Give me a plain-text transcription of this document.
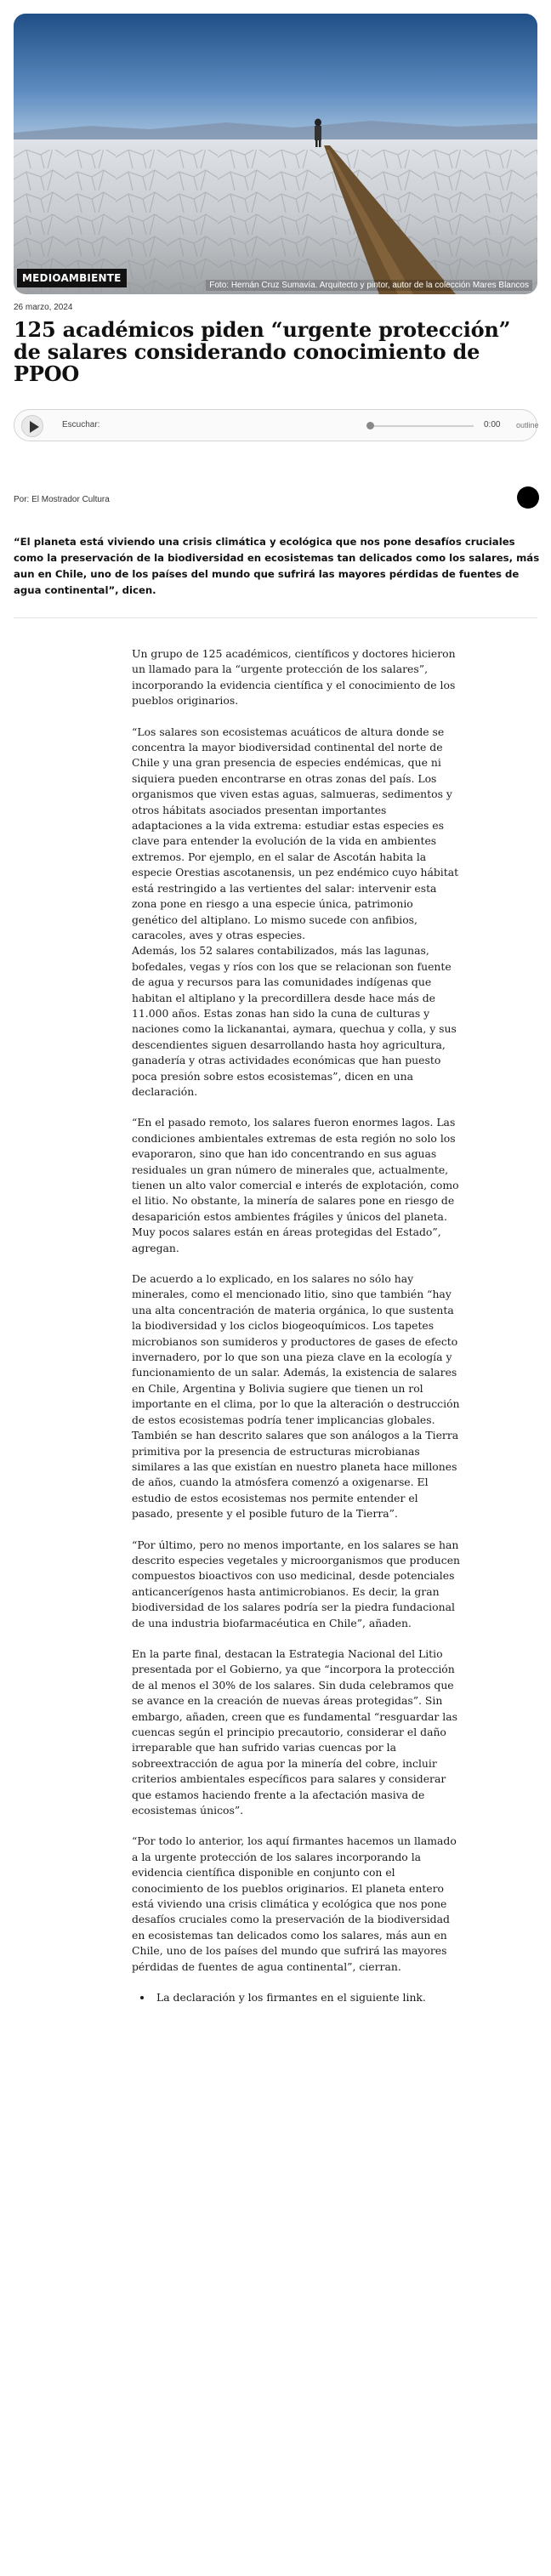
MEDIOAMBIENTE
Foto: Hernán Cruz Sumavía. Arquitecto y pintor, autor de la colección Mares Blancos
26 marzo, 2024
125 académicos piden “urgente protección” de salares considerando conocimiento de PPOO
Escuchar:	0:00 outline
Por: El Mostrador Cultura

“El planeta está viviendo una crisis climática y ecológica que nos pone desafíos cruciales como la preservación de la biodiversidad en ecosistemas tan delicados como los salares, más aun en Chile, uno de los países del mundo que sufrirá las mayores pérdidas de fuentes de agua continental”, dicen.

Un grupo de 125 académicos, científicos y doctores hicieron un llamado para la “urgente protección de los salares”, incorporando la evidencia científica y el conocimiento de los pueblos originarios.

“Los salares son ecosistemas acuáticos de altura donde se concentra la mayor biodiversidad continental del norte de Chile y una gran presencia de especies endémicas, que ni siquiera pueden encontrarse en otras zonas del país. Los organismos que viven estas aguas, salmueras, sedimentos y otros hábitats asociados presentan importantes adaptaciones a la vida extrema: estudiar estas especies es clave para entender la evolución de la vida en ambientes extremos. Por ejemplo, en el salar de Ascotán habita la especie Orestias ascotanensis, un pez endémico cuyo hábitat está restringido a las vertientes del salar: intervenir esta zona pone en riesgo a una especie única, patrimonio genético del altiplano. Lo mismo sucede con anfibios, caracoles, aves y otras especies.

Además, los 52 salares contabilizados, más las lagunas, bofedales, vegas y ríos con los que se relacionan son fuente de agua y recursos para las comunidades indígenas que habitan el altiplano y la precordillera desde hace más de 11.000 años. Estas zonas han sido la cuna de culturas y naciones como la lickanantai, aymara, quechua y colla, y sus descendientes siguen desarrollando hasta hoy agricultura, ganadería y otras actividades económicas que han puesto poca presión sobre estos ecosistemas”, dicen en una declaración.

“En el pasado remoto, los salares fueron enormes lagos. Las condiciones ambientales extremas de esta región no solo los evaporaron, sino que han ido concentrando en sus aguas residuales un gran número de minerales que, actualmente, tienen un alto valor comercial e interés de explotación, como el litio. No obstante, la minería de salares pone en riesgo de desaparición estos ambientes frágiles y únicos del planeta. Muy pocos salares están en áreas protegidas del Estado”, agregan.

De acuerdo a lo explicado, en los salares no sólo hay minerales, como el mencionado litio, sino que también “hay una alta concentración de materia orgánica, lo que sustenta la biodiversidad y los ciclos biogeoquímicos. Los tapetes microbianos son sumideros y productores de gases de efecto invernadero, por lo que son una pieza clave en la ecología y funcionamiento de un salar. Además, la existencia de salares en Chile, Argentina y Bolivia sugiere que tienen un rol importante en el clima, por lo que la alteración o destrucción de estos ecosistemas podría tener implicancias globales. También se han descrito salares que son análogos a la Tierra primitiva por la presencia de estructuras microbianas similares a las que existían en nuestro planeta hace millones de años, cuando la atmósfera comenzó a oxigenarse. El estudio de estos ecosistemas nos permite entender el pasado, presente y el posible futuro de la Tierra”.

“Por último, pero no menos importante, en los salares se han descrito especies vegetales y microorganismos que producen compuestos bioactivos con uso medicinal, desde potenciales anticancerígenos hasta antimicrobianos. Es decir, la gran biodiversidad de los salares podría ser la piedra fundacional de una industria biofarmacéutica en Chile”, añaden.

En la parte final, destacan la Estrategia Nacional del Litio presentada por el Gobierno, ya que “incorpora la protección de al menos el 30% de los salares. Sin duda celebramos que se avance en la creación de nuevas áreas protegidas”. Sin embargo, añaden, creen que es fundamental “resguardar las cuencas según el principio precautorio, considerar el daño irreparable que han sufrido varias cuencas por la sobreextracción de agua por la minería del cobre, incluir criterios ambientales específicos para salares y considerar que estamos haciendo frente a la afectación masiva de ecosistemas únicos”.

“Por todo lo anterior, los aquí firmantes hacemos un llamado a la urgente protección de los salares incorporando la evidencia científica disponible en conjunto con el conocimiento de los pueblos originarios. El planeta entero está viviendo una crisis climática y ecológica que nos pone desafíos cruciales como la preservación de la biodiversidad en ecosistemas tan delicados como los salares, más aun en Chile, uno de los países del mundo que sufrirá las mayores pérdidas de fuentes de agua continental”, cierran.

• La declaración y los firmantes en el siguiente link.
